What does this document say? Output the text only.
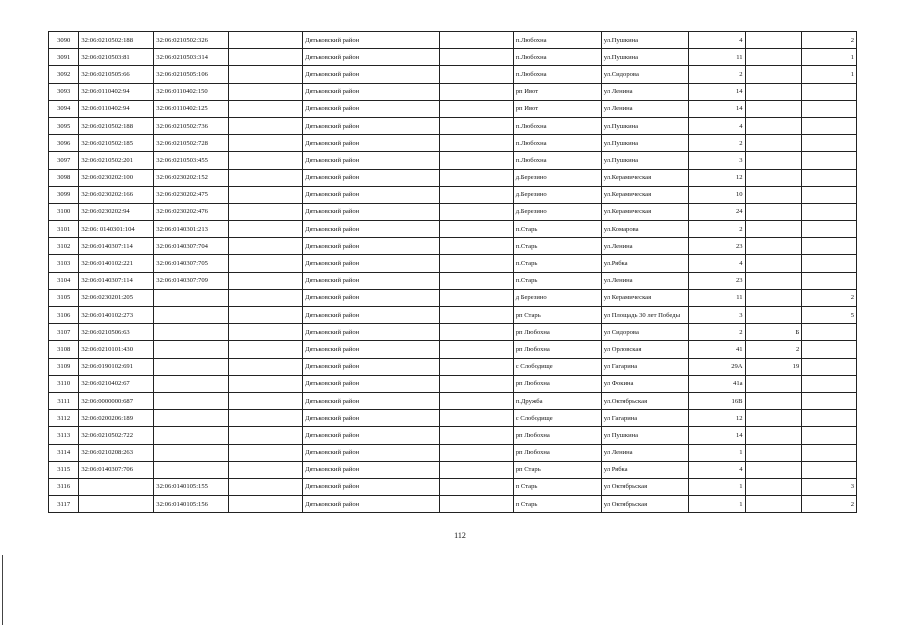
3090	32:06:0210502:188	32:06:0210502:326		Дятьковский район		п.Любохна	ул.Пушкина	4		2
3091	32:06:0210503:81	32:06:0210503:314		Дятьковский район		п.Любохна	ул.Пушкина	11		1
3092	32:06:0210505:66	32:06:0210505:106		Дятьковский район		п.Любохна	ул.Сидорова	2		1
3093	32:06:0110402:94	32:06:0110402:150		Дятьковский район		рп Ивот	ул Ленина	14		
3094	32:06:0110402:94	32:06:0110402:125		Дятьковский район		рп Ивот	ул Ленина	14		
3095	32:06:0210502:188	32:06:0210502:736		Дятьковский район		п.Любохна	ул.Пушкина	4		
3096	32:06:0210502:185	32:06:0210502:728		Дятьковский район		п.Любохна	ул.Пушкина	2		
3097	32:06:0210502:201	32:06:0210503:455		Дятьковский район		п.Любохна	ул.Пушкина	3		
3098	32:06:0230202:100	32:06:0230202:152		Дятьковский район		д.Березино	ул.Керамическая	12		
3099	32:06:0230202:166	32:06:0230202:475		Дятьковский район		д.Березино	ул.Керамическая	10		
3100	32:06:0230202:94	32:06:0230202:476		Дятьковский район		д.Березино	ул.Керамическая	24		
3101	32:06: 0140301:104	32:06:0140301:213		Дятьковский район		п.Старь	ул.Комарова	2		
3102	32:06:0140307:114	32:06:0140307:704		Дятьковский район		п.Старь	ул.Ленина	23		
3103	32:06:0140102:221	32:06:0140307:705		Дятьковский район		п.Старь	ул.Рябка	4		
3104	32:06:0140307:114	32:06:0140307:709		Дятьковский район		п.Старь	ул.Ленина	23		
3105	32:06:0230201:205			Дятьковский район		д Березино	ул Керамическая	11		2
3106	32:06:0140102:273			Дятьковский район		рп Старь	ул Площадь 30 лет Победы	3		5
3107	32:06:0210506:63			Дятьковский район		рп Любохна	ул Сидорова	2	Б	
3108	32:06:0210101:430			Дятьковский район		рп Любохна	ул Орловская	41	2	
3109	32:06:0190102:691			Дятьковский район		с Слободище	ул Гагарина	29А	19	
3110	32:06:0210402:67			Дятьковский район		рп Любохна	ул Фокина	41а		
3111	32:06:0000000:687			Дятьковский район		п.Дружба	ул.Октябрьская	16В		
3112	32:06:0200206:189			Дятьковский район		с Слободище	ул Гагарина	12		
3113	32:06:0210502:722			Дятьковский район		рп Любохна	ул Пушкина	14		
3114	32:06:0210208:263			Дятьковский район		рп Любохна	ул Ленина	1		
3115	32:06:0140307:706			Дятьковский район		рп Старь	ул Рябка	4		
3116		32:06:0140105:155		Дятьковский район		п Старь	ул Октябрьская	1		3
3117		32:06:0140105:156		Дятьковский район		п Старь	ул Октябрьская	1		2
112
